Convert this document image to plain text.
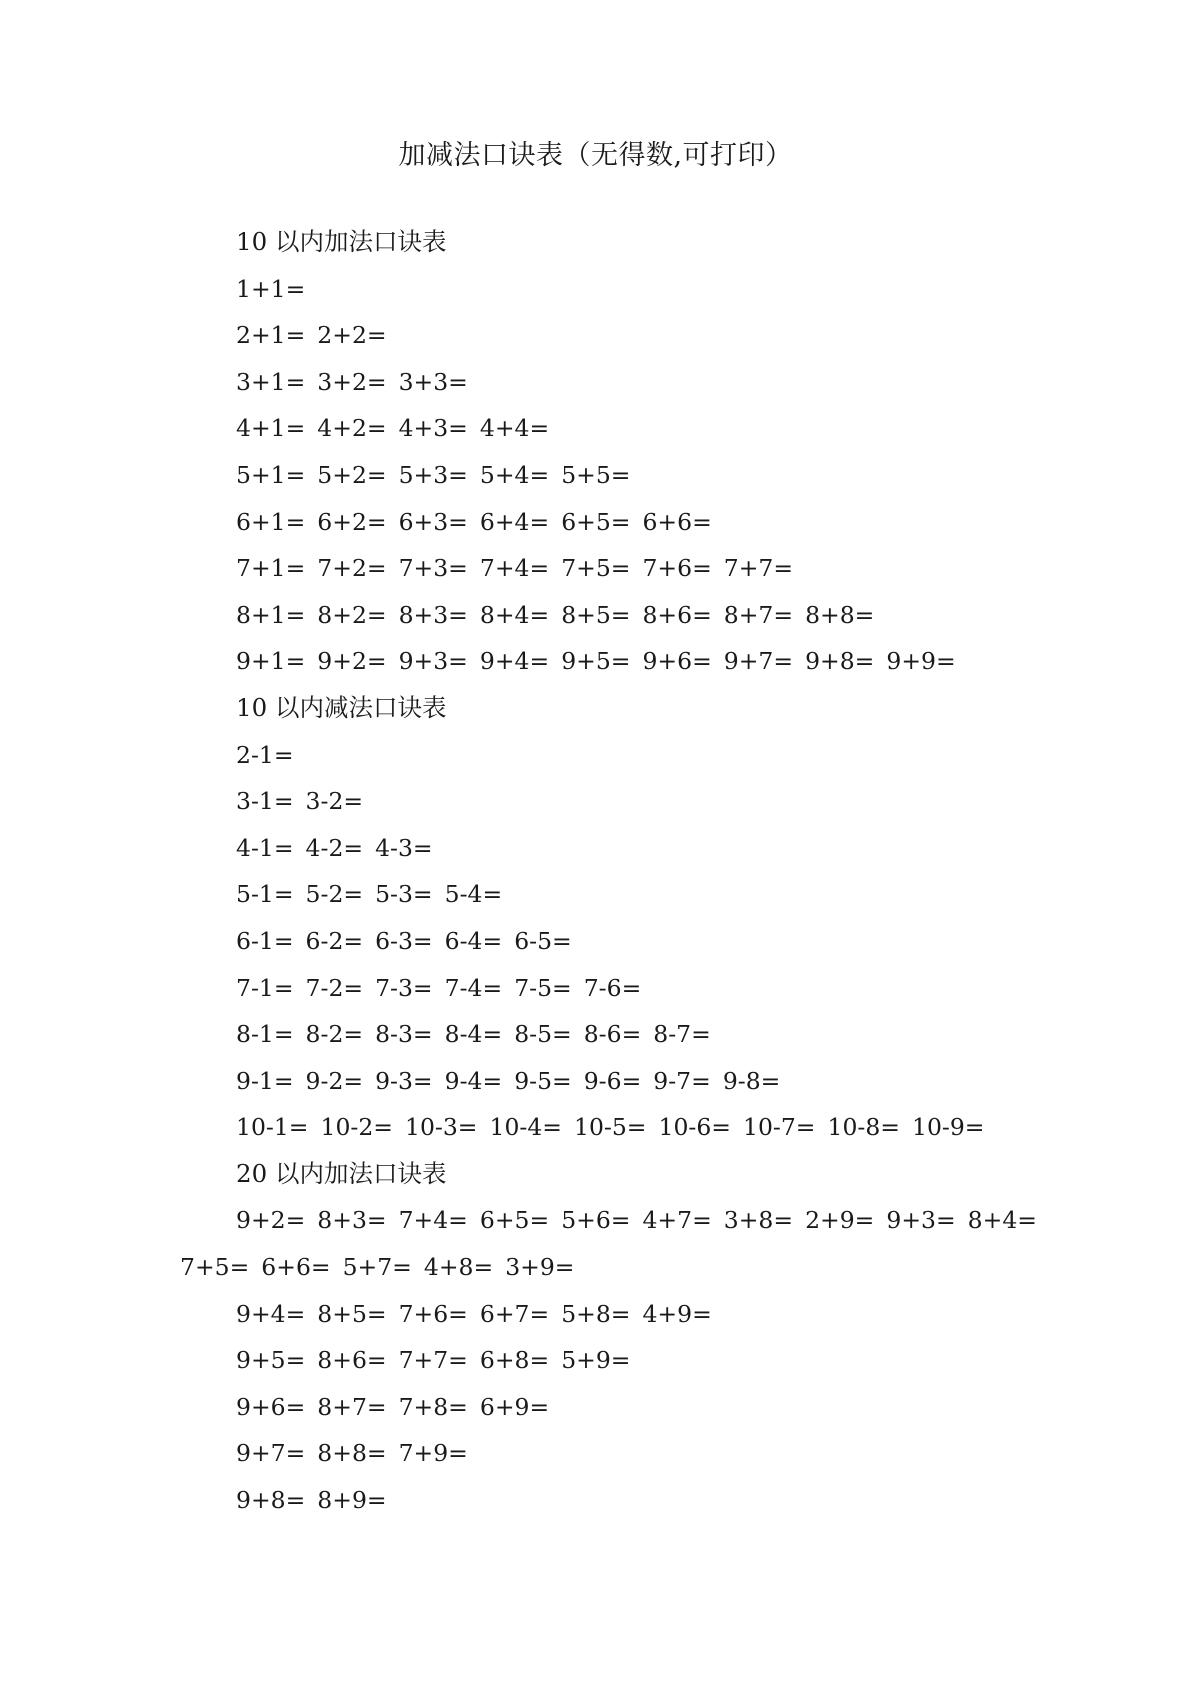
加减法口诀表（无得数,可打印）
10 以内加法口诀表
1+1=
2+1= 2+2=
3+1= 3+2= 3+3=
4+1= 4+2= 4+3= 4+4=
5+1= 5+2= 5+3= 5+4= 5+5=
6+1= 6+2= 6+3= 6+4= 6+5= 6+6=
7+1= 7+2= 7+3= 7+4= 7+5= 7+6= 7+7=
8+1= 8+2= 8+3= 8+4= 8+5= 8+6= 8+7= 8+8=
9+1= 9+2= 9+3= 9+4= 9+5= 9+6= 9+7= 9+8= 9+9=
10 以内减法口诀表
2-1=
3-1= 3-2=
4-1= 4-2= 4-3=
5-1= 5-2= 5-3= 5-4=
6-1= 6-2= 6-3= 6-4= 6-5=
7-1= 7-2= 7-3= 7-4= 7-5= 7-6=
8-1= 8-2= 8-3= 8-4= 8-5= 8-6= 8-7=
9-1= 9-2= 9-3= 9-4= 9-5= 9-6= 9-7= 9-8=
10-1= 10-2= 10-3= 10-4= 10-5= 10-6= 10-7= 10-8= 10-9=
20 以内加法口诀表
9+2= 8+3= 7+4= 6+5= 5+6= 4+7= 3+8= 2+9= 9+3= 8+4=
7+5= 6+6= 5+7= 4+8= 3+9=
9+4= 8+5= 7+6= 6+7= 5+8= 4+9=
9+5= 8+6= 7+7= 6+8= 5+9=
9+6= 8+7= 7+8= 6+9=
9+7= 8+8= 7+9=
9+8= 8+9=
